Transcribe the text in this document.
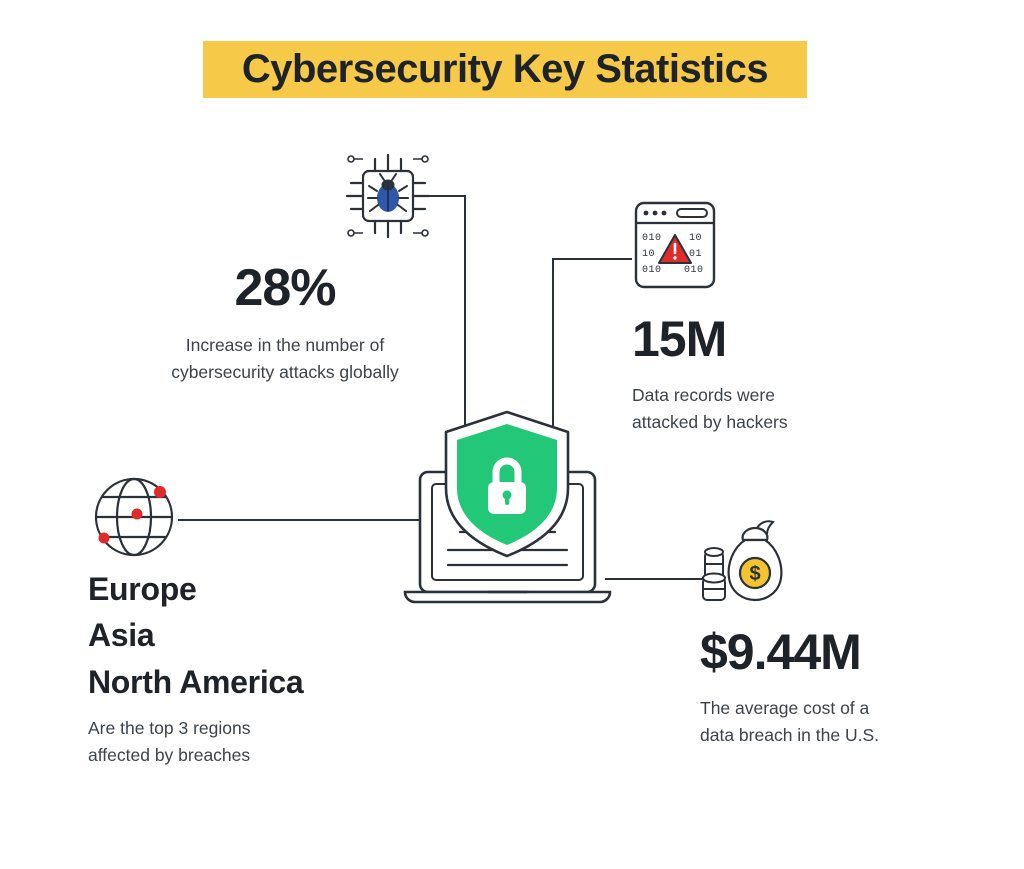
Cybersecurity Key Statistics
010
10
010
10
01
010
$
28%
Increase in the number of
cybersecurity attacks globally
15M
Data records were
attacked by hackers
Europe
Asia
North America
Are the top 3 regions
affected by breaches
$9.44M
The average cost of a
data breach in the U.S.
